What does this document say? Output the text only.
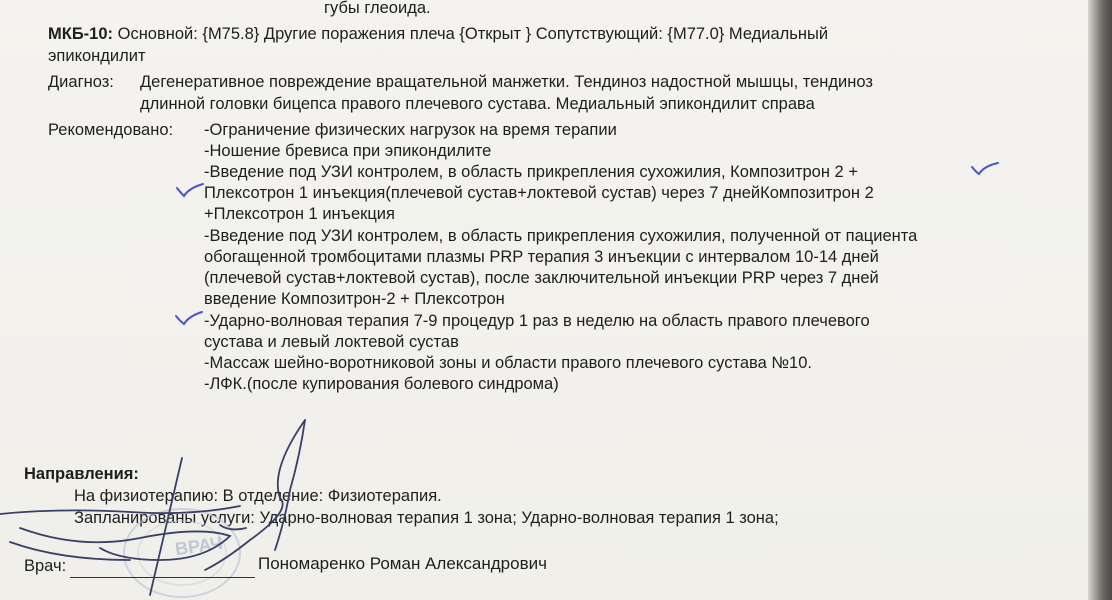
губы глеоида.
МКБ-10: Основной: {M75.8} Другие поражения плеча {Открыт } Сопутствующий: {M77.0} Медиальный
эпикондилит
Диагноз: Дегенеративное повреждение вращательной манжетки. Тендиноз надостной мышцы, тендиноз
длинной головки бицепса правого плечевого сустава. Медиальный эпикондилит справа
Рекомендовано: -Ограничение физических нагрузок на время терапии
-Ношение бревиса при эпикондилите
-Введение под УЗИ контролем, в область прикрепления сухожилия, Композитрон 2 +
Плексотрон 1 инъекция(плечевой сустав+локтевой сустав) через 7 днейКомпозитрон 2
+Плексотрон 1 инъекция
-Введение под УЗИ контролем, в область прикрепления сухожилия, полученной от пациента
обогащенной тромбоцитами плазмы PRP терапия 3 инъекции с интервалом 10-14 дней
(плечевой сустав+локтевой сустав), после заключительной инъекции PRP через 7 дней
введение Композитрон-2 + Плексотрон
-Ударно-волновая терапия 7-9 процедур 1 раз в неделю на область правого плечевого
сустава и левый локтевой сустав
-Массаж шейно-воротниковой зоны и области правого плечевого сустава №10.
-ЛФК.(после купирования болевого синдрома)
Направления:
На физиотерапию: В отделение: Физиотерапия.
Запланированы услуги: Ударно-волновая терапия 1 зона; Ударно-волновая терапия 1 зона;
ВРАЧ
Врач:	Пономаренко Роман Александрович
